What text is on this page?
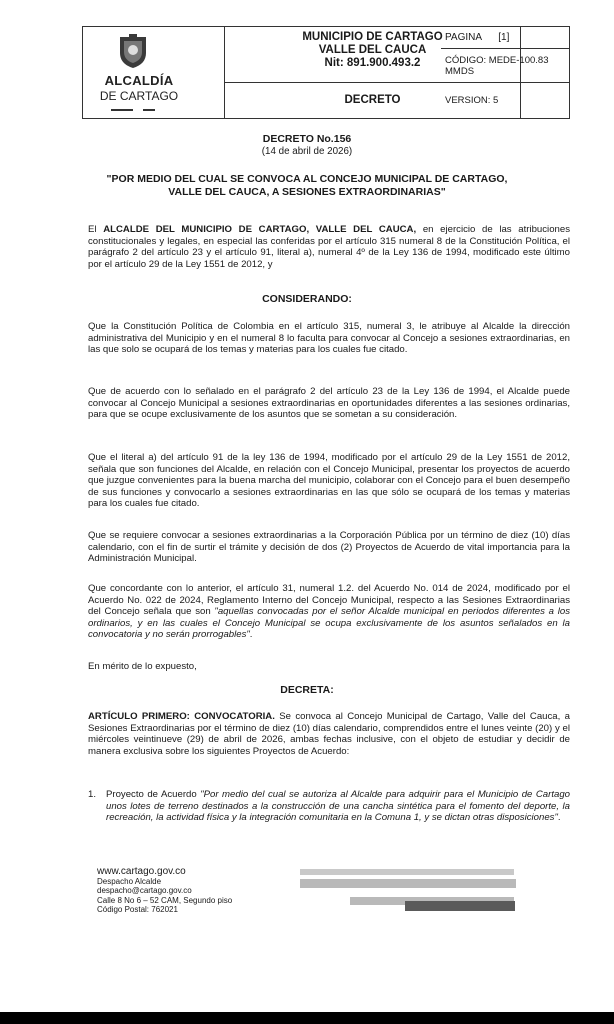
ALCALDÍA
DE CARTAGO
MUNICIPIO DE CARTAGO
VALLE DEL CAUCA
Nit: 891.900.493.2
DECRETO
PAGINA [1]
CÓDIGO: MEDE-100.83 MMDS
VERSION: 5
DECRETO No.156
(14 de abril de 2026)
"POR MEDIO DEL CUAL SE CONVOCA AL CONCEJO MUNICIPAL DE CARTAGO,
VALLE DEL CAUCA, A SESIONES EXTRAORDINARIAS"
El ALCALDE DEL MUNICIPIO DE CARTAGO, VALLE DEL CAUCA, en ejercicio de las atribuciones constitucionales y legales, en especial las conferidas por el artículo 315 numeral 8 de la Constitución Política, el parágrafo 2 del artículo 23 y el artículo 91, literal a), numeral 4º de la Ley 136 de 1994, modificado este último por el artículo 29 de la Ley 1551 de 2012, y
CONSIDERANDO:
Que la Constitución Política de Colombia en el artículo 315, numeral 3, le atribuye al Alcalde la dirección administrativa del Municipio y en el numeral 8 lo faculta para convocar al Concejo a sesiones extraordinarias, en las que solo se ocupará de los temas y materias para los cuales fue citado.
Que de acuerdo con lo señalado en el parágrafo 2 del artículo 23 de la Ley 136 de 1994, el Alcalde puede convocar al Concejo Municipal a sesiones extraordinarias en oportunidades diferentes a las sesiones ordinarias, para que se ocupe exclusivamente de los asuntos que se sometan a su consideración.
Que el literal a) del artículo 91 de la ley 136 de 1994, modificado por el artículo 29 de la Ley 1551 de 2012, señala que son funciones del Alcalde, en relación con el Concejo Municipal, presentar los proyectos de acuerdo que juzgue convenientes para la buena marcha del municipio, colaborar con el Concejo para el buen desempeño de sus funciones y convocarlo a sesiones extraordinarias en las que sólo se ocupará de los temas y materias para los cuales fue citado.
Que se requiere convocar a sesiones extraordinarias a la Corporación Pública por un término de diez (10) días calendario, con el fin de surtir el trámite y decisión de dos (2) Proyectos de Acuerdo de vital importancia para la Administración Municipal.
Que concordante con lo anterior, el artículo 31, numeral 1.2. del Acuerdo No. 014 de 2024, modificado por el Acuerdo No. 022 de 2024, Reglamento Interno del Concejo Municipal, respecto a las Sesiones Extraordinarias del Concejo señala que son "aquellas convocadas por el señor Alcalde municipal en periodos diferentes a los ordinarios, y en las cuales el Concejo Municipal se ocupa exclusivamente de los asuntos señalados en la convocatoria y no serán prorrogables".
En mérito de lo expuesto,
DECRETA:
ARTÍCULO PRIMERO: CONVOCATORIA. Se convoca al Concejo Municipal de Cartago, Valle del Cauca, a Sesiones Extraordinarias por el término de diez (10) días calendario, comprendidos entre el lunes veinte (20) y el miércoles veintinueve (29) de abril de 2026, ambas fechas inclusive, con el objeto de estudiar y decidir de manera exclusiva sobre los siguientes Proyectos de Acuerdo:
1.	Proyecto de Acuerdo "Por medio del cual se autoriza al Alcalde para adquirir para el Municipio de Cartago unos lotes de terreno destinados a la construcción de una cancha sintética para el fomento del deporte, la recreación, la actividad física y la integración comunitaria en la Comuna 1, y se dictan otras disposiciones".
www.cartago.gov.co
Despacho Alcalde
despacho@cartago.gov.co
Calle 8 No 6 – 52 CAM, Segundo piso
Código Postal: 762021
